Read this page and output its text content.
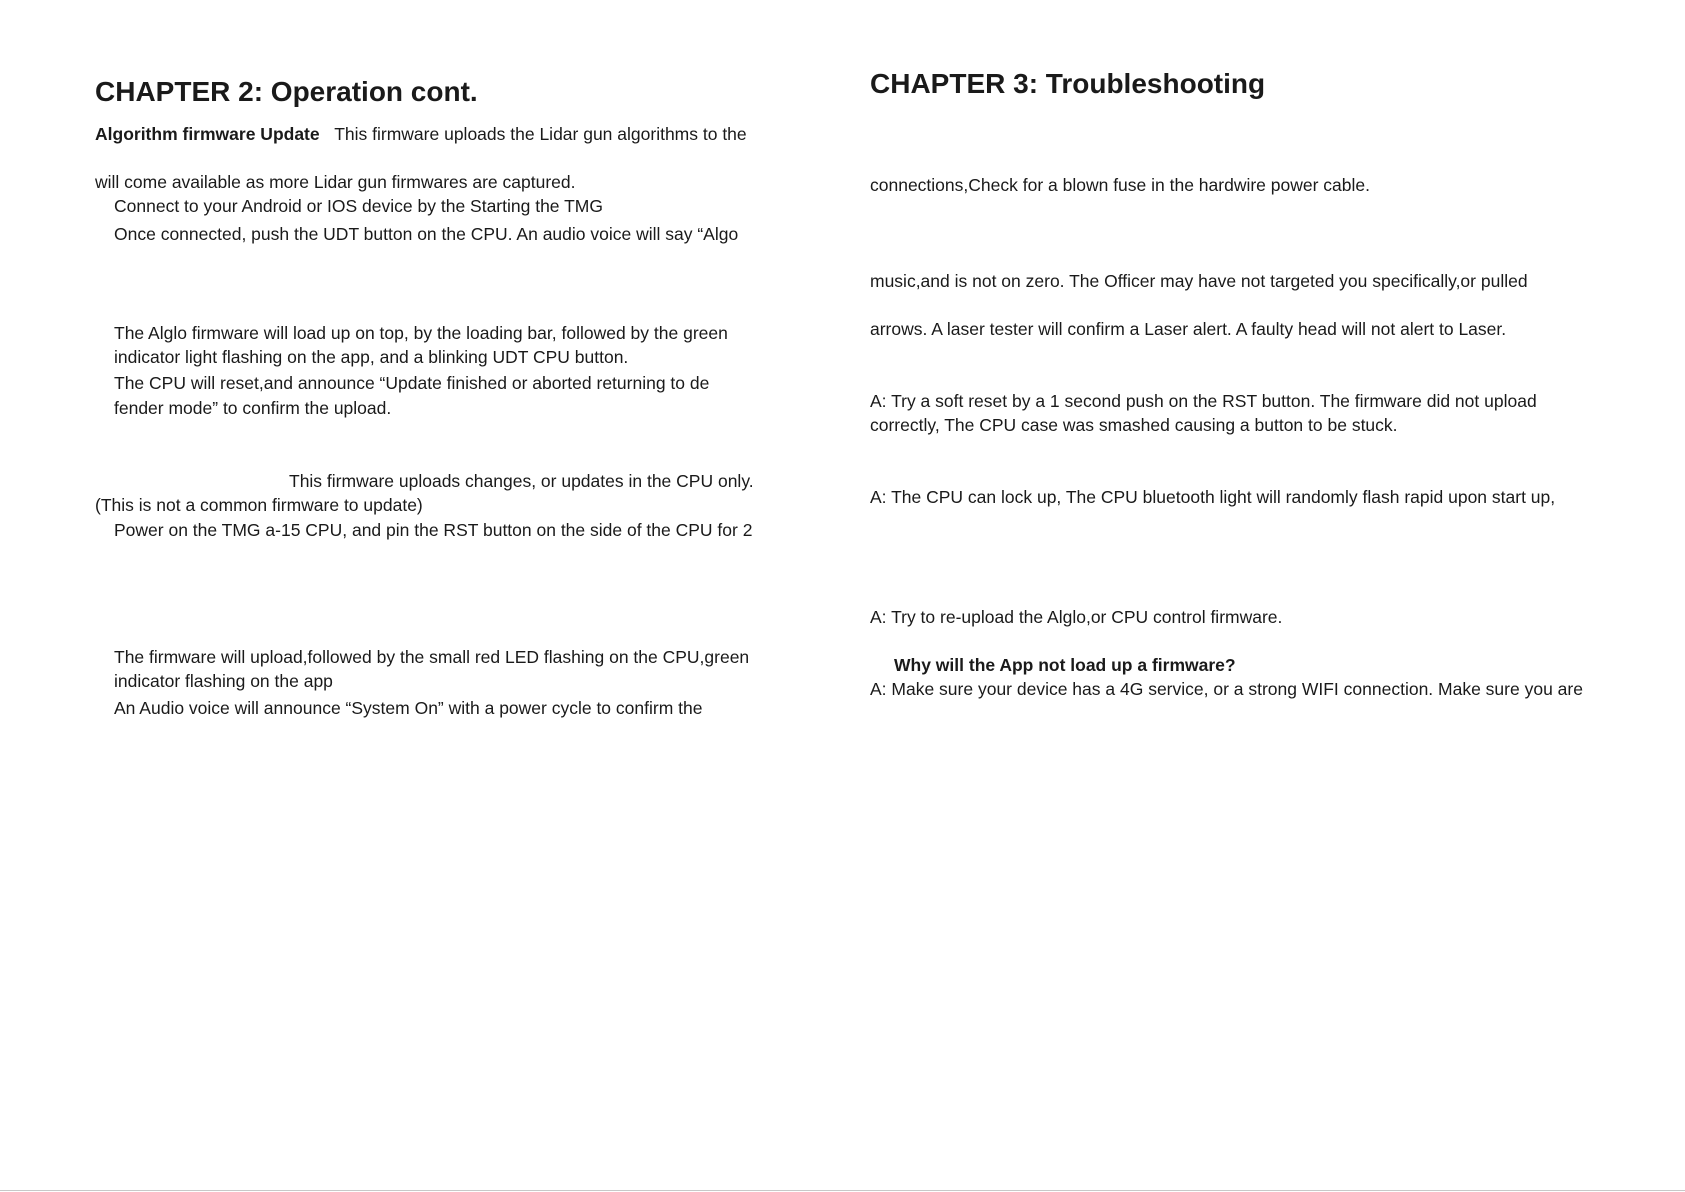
CHAPTER 2: Operation cont.
Algorithm firmware Update This firmware uploads the Lidar gun algorithms to the
will come available as more Lidar gun firmwares are captured.
Connect to your Android or IOS device by the Starting the TMG
Once connected, push the UDT button on the CPU. An audio voice will say “Algo
The Alglo firmware will load up on top, by the loading bar, followed by the green
indicator light flashing on the app, and a blinking UDT CPU button.
The CPU will reset,and announce “Update finished or aborted returning to de
fender mode” to confirm the upload.
This firmware uploads changes, or updates in the CPU only.
(This is not a common firmware to update)
Power on the TMG a-15 CPU, and pin the RST button on the side of the CPU for 2
The firmware will upload,followed by the small red LED flashing on the CPU,green
indicator flashing on the app
An Audio voice will announce “System On” with a power cycle to confirm the
CHAPTER 3: Troubleshooting
connections,Check for a blown fuse in the hardwire power cable.
music,and is not on zero. The Officer may have not targeted you specifically,or pulled
arrows. A laser tester will confirm a Laser alert. A faulty head will not alert to Laser.
A: Try a soft reset by a 1 second push on the RST button. The firmware did not upload
correctly, The CPU case was smashed causing a button to be stuck.
A: The CPU can lock up, The CPU bluetooth light will randomly flash rapid upon start up,
A: Try to re-upload the Alglo,or CPU control firmware.
Why will the App not load up a firmware?
A: Make sure your device has a 4G service, or a strong WIFI connection. Make sure you are
